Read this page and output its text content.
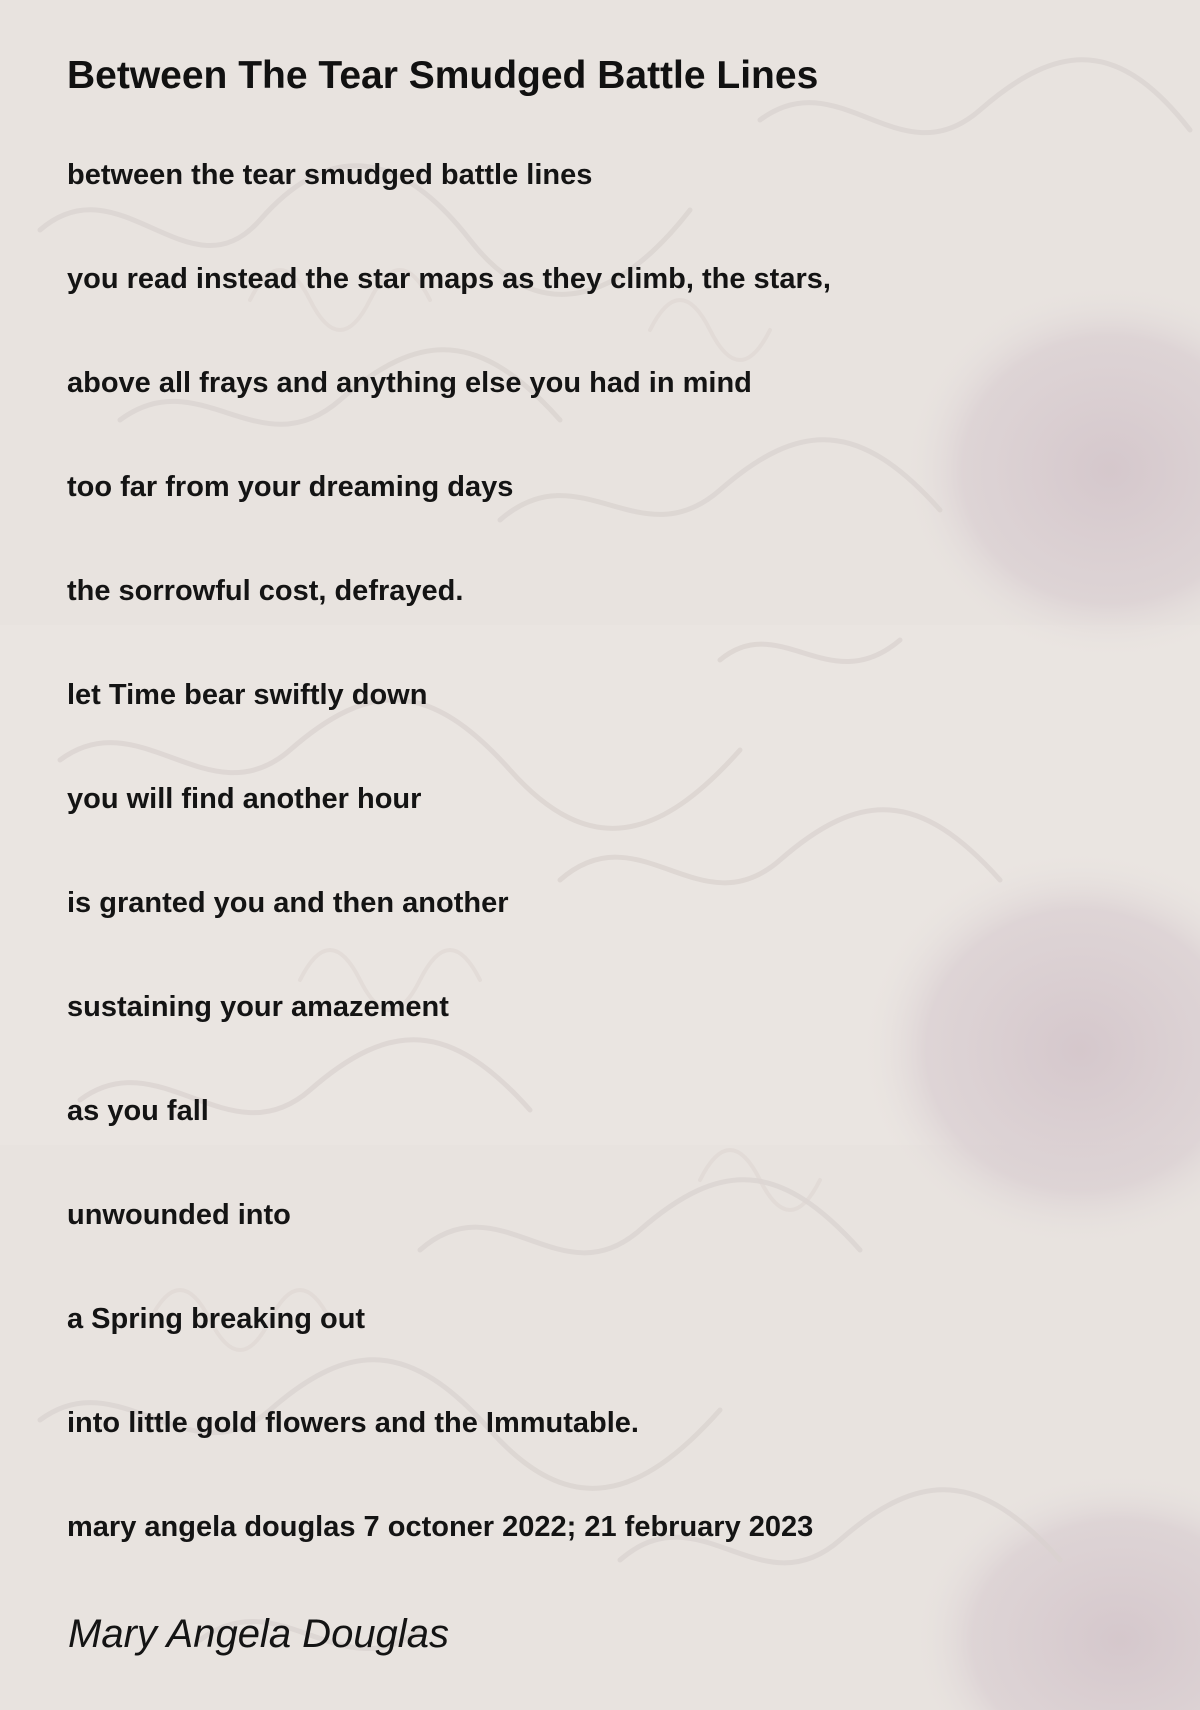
Between The Tear Smudged Battle Lines
between the tear smudged battle lines
you read instead the star maps as they climb, the stars,
above all frays and anything else you had in mind
too far from your dreaming days
the sorrowful cost, defrayed.
let Time bear swiftly down
you will find another hour
is granted you and then another
sustaining your amazement
as you fall
unwounded into
a Spring breaking out
into little gold flowers and the Immutable.
mary angela douglas 7 octoner 2022; 21 february 2023
Mary Angela Douglas
